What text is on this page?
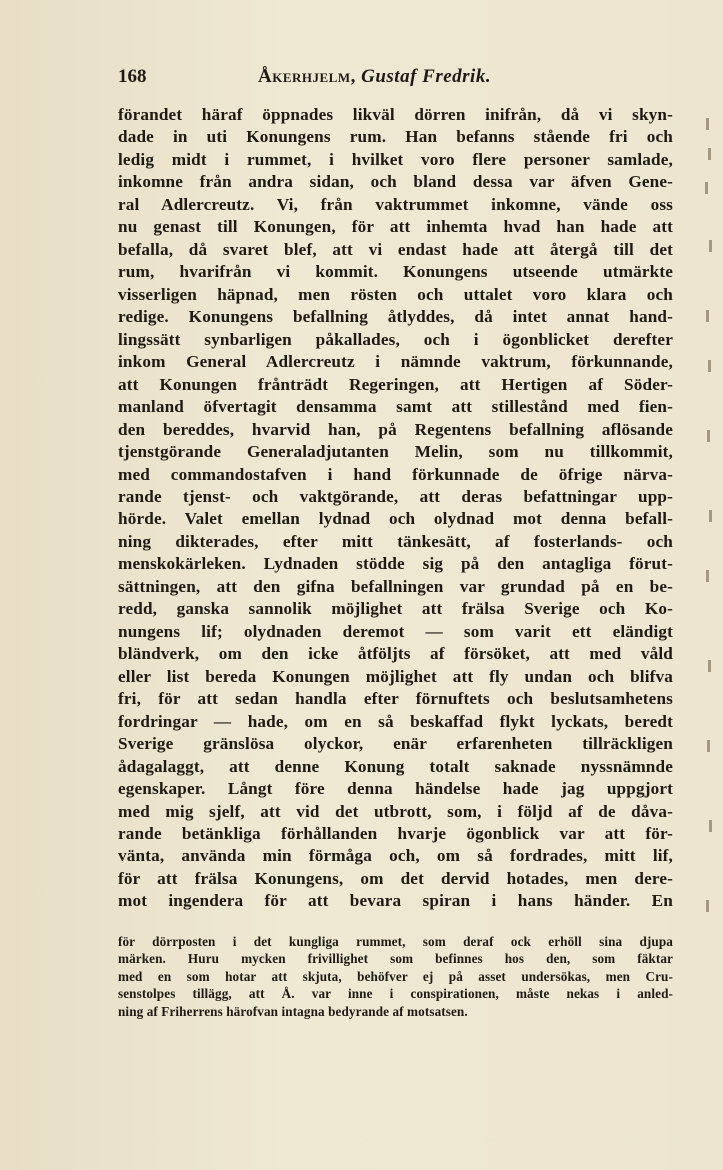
168	Åkerhjelm, Gustaf Fredrik.
förandet häraf öppnades likväl dörren inifrån, då vi skyn-
dade in uti Konungens rum. Han befanns stående fri och
ledig midt i rummet, i hvilket voro flere personer samlade,
inkomne från andra sidan, och bland dessa var äfven Gene-
ral Adlercreutz. Vi, från vaktrummet inkomne, vände oss
nu genast till Konungen, för att inhemta hvad han hade att
befalla, då svaret blef, att vi endast hade att återgå till det
rum, hvarifrån vi kommit. Konungens utseende utmärkte
visserligen häpnad, men rösten och uttalet voro klara och
redige. Konungens befallning åtlyddes, då intet annat hand-
lingssätt synbarligen påkallades, och i ögonblicket derefter
inkom General Adlercreutz i nämnde vaktrum, förkunnande,
att Konungen frånträdt Regeringen, att Hertigen af Söder-
manland öfvertagit densamma samt att stillestånd med fien-
den bereddes, hvarvid han, på Regentens befallning aflösande
tjenstgörande Generaladjutanten Melin, som nu tillkommit,
med commandostafven i hand förkunnade de öfrige närva-
rande tjenst- och vaktgörande, att deras befattningar upp-
hörde. Valet emellan lydnad och olydnad mot denna befall-
ning dikterades, efter mitt tänkesätt, af fosterlands- och
menskokärleken. Lydnaden stödde sig på den antagliga förut-
sättningen, att den gifna befallningen var grundad på en be-
redd, ganska sannolik möjlighet att frälsa Sverige och Ko-
nungens lif; olydnaden deremot — som varit ett eländigt
bländverk, om den icke åtföljts af försöket, att med våld
eller list bereda Konungen möjlighet att fly undan och blifva
fri, för att sedan handla efter förnuftets och beslutsamhetens
fordringar — hade, om en så beskaffad flykt lyckats, beredt
Sverige gränslösa olyckor, enär erfarenheten tillräckligen
ådagalaggt, att denne Konung totalt saknade nyssnämnde
egenskaper. Långt före denna händelse hade jag uppgjort
med mig sjelf, att vid det utbrott, som, i följd af de dåva-
rande betänkliga förhållanden hvarje ögonblick var att för-
vänta, använda min förmåga och, om så fordrades, mitt lif,
för att frälsa Konungens, om det dervid hotades, men dere-
mot ingendera för att bevara spiran i hans händer. En
för dörrposten i det kungliga rummet, som deraf ock erhöll sina djupa
märken. Huru mycken frivillighet som befinnes hos den, som fäktar
med en som hotar att skjuta, behöfver ej på asset undersökas, men Cru-
senstolpes tillägg, att Å. var inne i conspirationen, måste nekas i anled-
ning af Friherrens härofvan intagna bedyrande af motsatsen.
